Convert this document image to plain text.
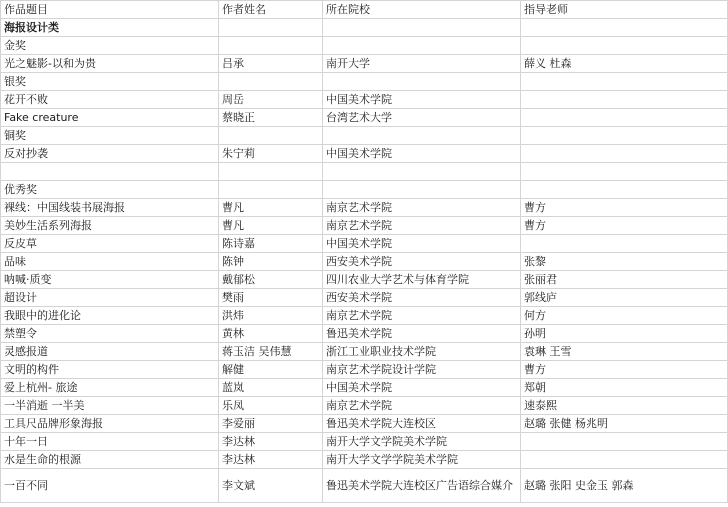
作品题目	作者姓名	所在院校	指导老师
海报设计类			
金奖			
光之魅影-以和为贵	吕承	南开大学	薛义 杜森
银奖			
花开不败	周岳	中国美术学院	
Fake creature	蔡晓正	台湾艺术大学	
铜奖			
反对抄袭	朱宁莉	中国美术学院	

优秀奖			
裸线：中国线装书展海报	曹凡	南京艺术学院	曹方
美妙生活系列海报	曹凡	南京艺术学院	曹方
反皮草	陈诗嘉	中国美术学院	
品味	陈钟	西安美术学院	张黎
呐喊·质变	戴郁松	四川农业大学艺术与体育学院	张丽君
超设计	樊雨	西安美术学院	郭线庐
我眼中的进化论	洪炜	南京艺术学院	何方
禁塑令	黄林	鲁迅美术学院	孙明
灵感报道	蒋玉洁 吴伟慧	浙江工业职业技术学院	袁琳 王雪
文明的构件	解健	南京艺术学院设计学院	曹方
爱上杭州- 旅途	蓝岚	中国美术学院	郑朝
一半消逝 一半美	乐凤	南京艺术学院	速泰熙
工具尺品牌形象海报	李爱丽	鲁迅美术学院大连校区	赵璐 张健 杨兆明
十年一日	李达林	南开大学文学院美术学院	
水是生命的根源	李达林	南开大学文学学院美术学院	
一百不同	李文斌	鲁迅美术学院大连校区广告语综合媒介	赵璐 张阳 史金玉 郭森
